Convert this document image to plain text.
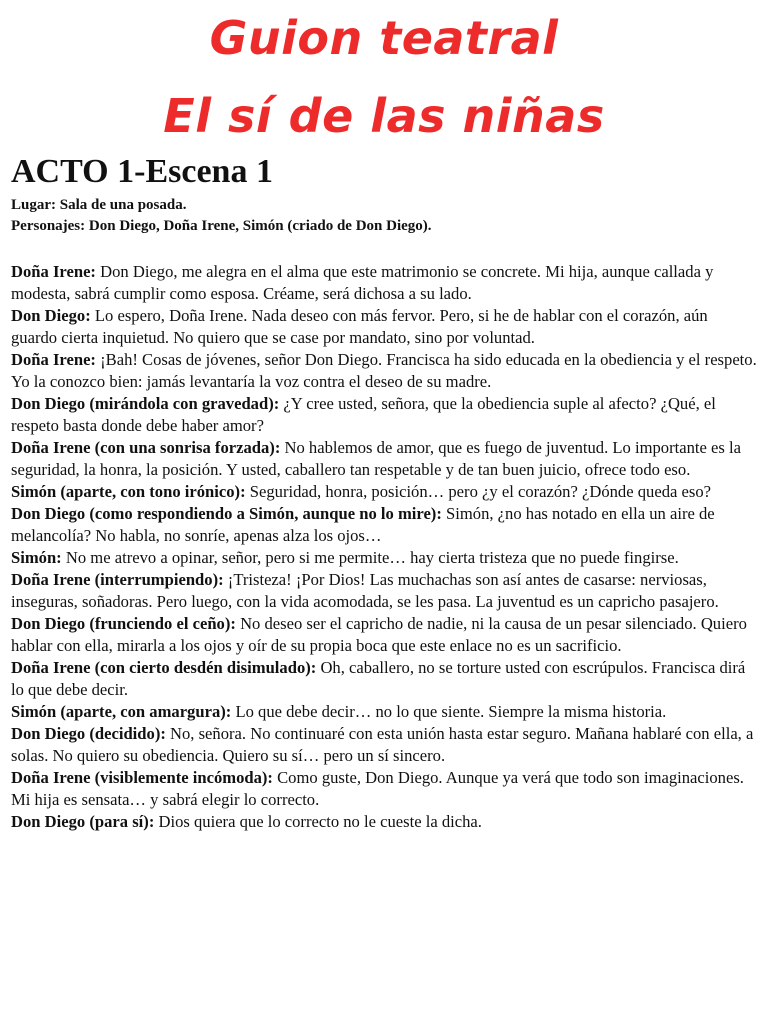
Guion teatral
El sí de las niñas
ACTO 1-Escena 1
Lugar: Sala de una posada.
Personajes: Don Diego, Doña Irene, Simón (criado de Don Diego).

Doña Irene: Don Diego, me alegra en el alma que este matrimonio se concrete. Mi hija, aunque callada y modesta, sabrá cumplir como esposa. Créame, será dichosa a su lado.

Don Diego: Lo espero, Doña Irene. Nada deseo con más fervor. Pero, si he de hablar con el corazón, aún guardo cierta inquietud. No quiero que se case por mandato, sino por voluntad.

Doña Irene: ¡Bah! Cosas de jóvenes, señor Don Diego. Francisca ha sido educada en la obediencia y el respeto. Yo la conozco bien: jamás levantaría la voz contra el deseo de su madre.

Don Diego (mirándola con gravedad): ¿Y cree usted, señora, que la obediencia suple al afecto? ¿Qué, el respeto basta donde debe haber amor?

Doña Irene (con una sonrisa forzada): No hablemos de amor, que es fuego de juventud. Lo importante es la seguridad, la honra, la posición. Y usted, caballero tan respetable y de tan buen juicio, ofrece todo eso.

Simón (aparte, con tono irónico): Seguridad, honra, posición… pero ¿y el corazón? ¿Dónde queda eso?

Don Diego (como respondiendo a Simón, aunque no lo mire): Simón, ¿no has notado en ella un aire de melancolía? No habla, no sonríe, apenas alza los ojos…

Simón: No me atrevo a opinar, señor, pero si me permite… hay cierta tristeza que no puede fingirse.

Doña Irene (interrumpiendo): ¡Tristeza! ¡Por Dios! Las muchachas son así antes de casarse: nerviosas, inseguras, soñadoras. Pero luego, con la vida acomodada, se les pasa. La juventud es un capricho pasajero.

Don Diego (frunciendo el ceño): No deseo ser el capricho de nadie, ni la causa de un pesar silenciado. Quiero hablar con ella, mirarla a los ojos y oír de su propia boca que este enlace no es un sacrificio.

Doña Irene (con cierto desdén disimulado): Oh, caballero, no se torture usted con escrúpulos. Francisca dirá lo que debe decir.

Simón (aparte, con amargura): Lo que debe decir… no lo que siente. Siempre la misma historia.

Don Diego (decidido): No, señora. No continuaré con esta unión hasta estar seguro. Mañana hablaré con ella, a solas. No quiero su obediencia. Quiero su sí… pero un sí sincero.

Doña Irene (visiblemente incómoda): Como guste, Don Diego. Aunque ya verá que todo son imaginaciones. Mi hija es sensata… y sabrá elegir lo correcto.

Don Diego (para sí): Dios quiera que lo correcto no le cueste la dicha.
